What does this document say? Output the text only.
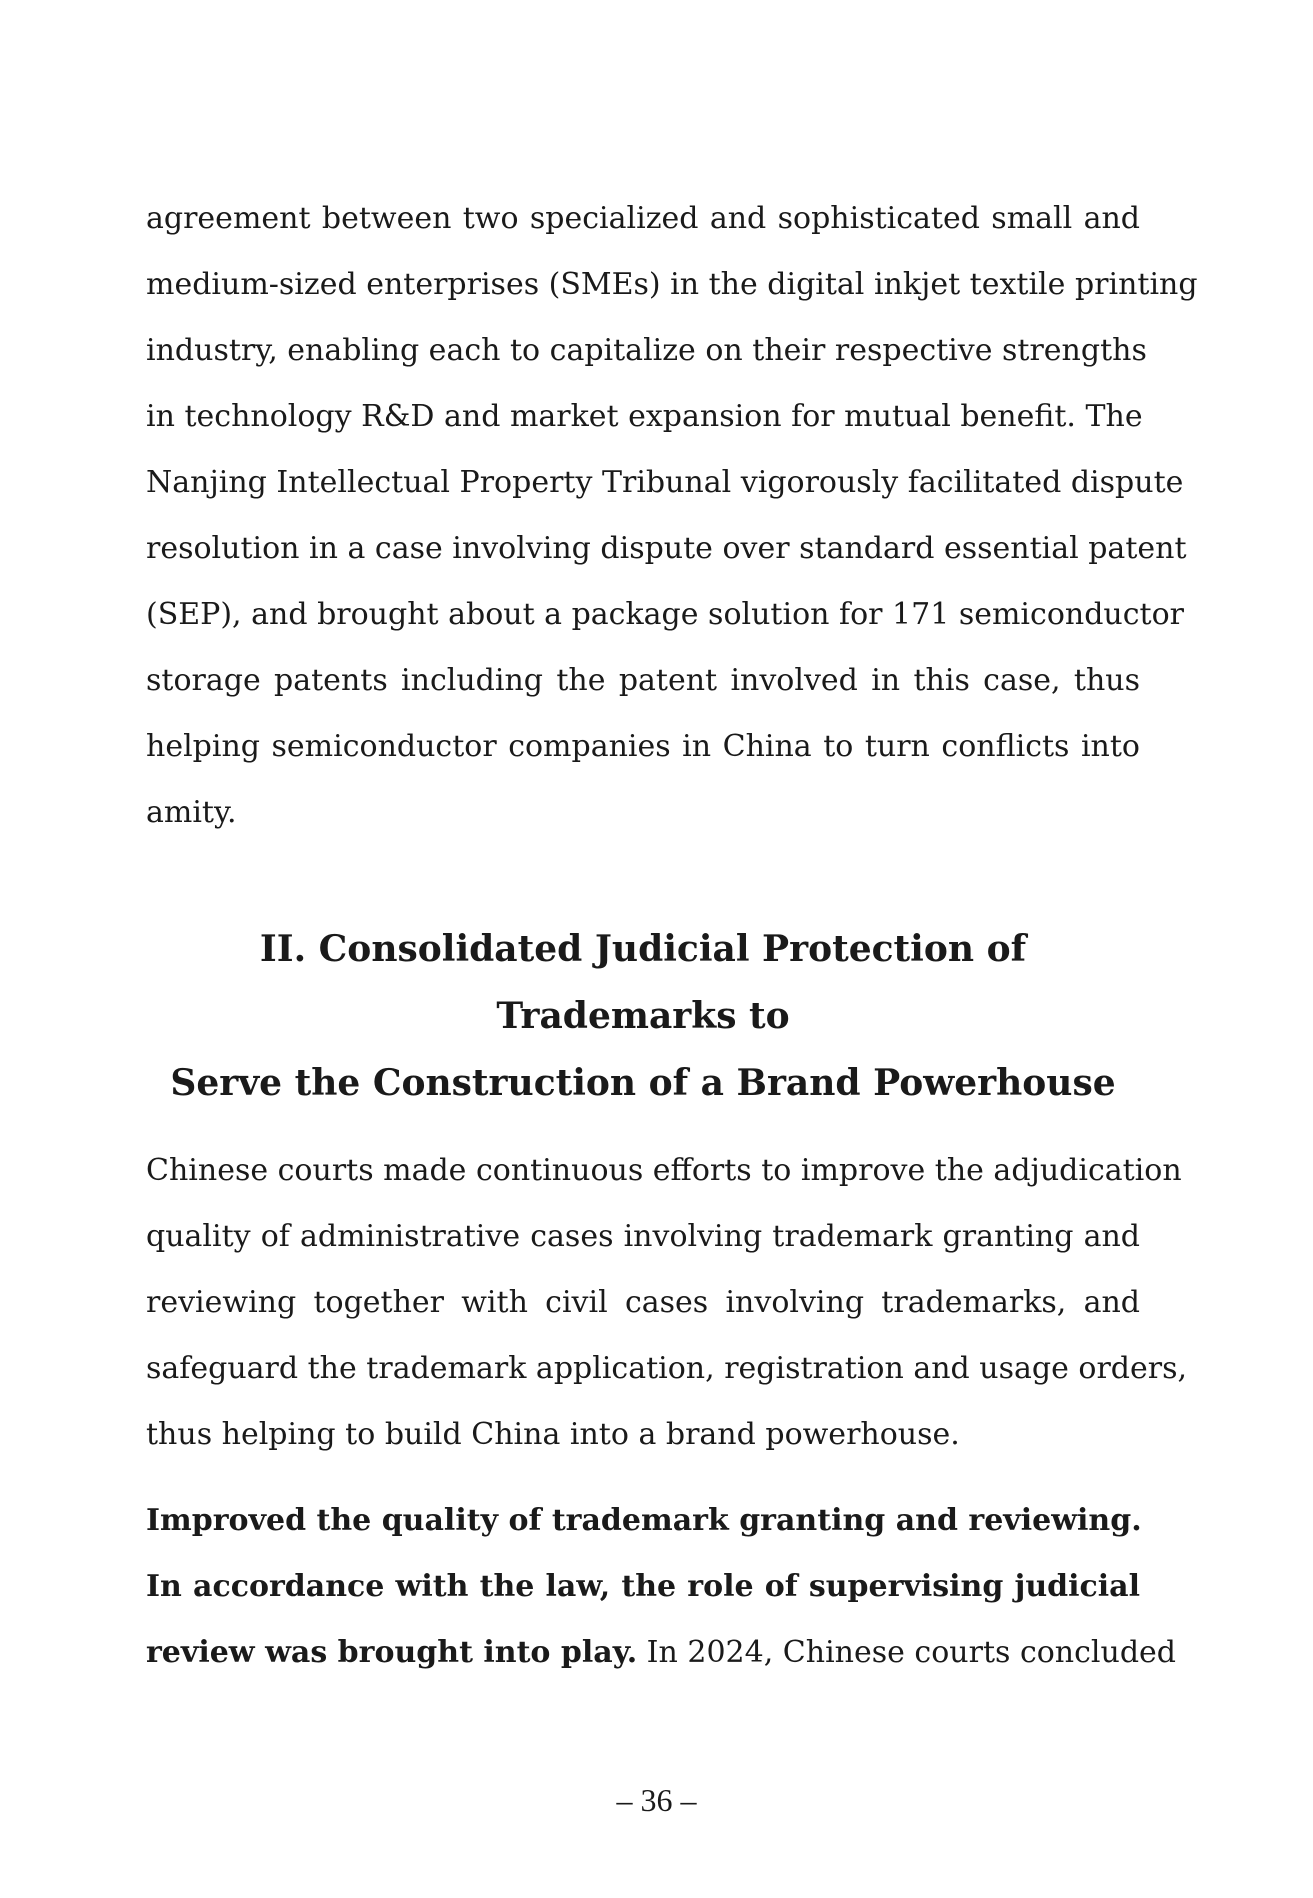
agreement between two specialized and sophisticated small and
medium-sized enterprises (SMEs) in the digital inkjet textile printing
industry, enabling each to capitalize on their respective strengths
in technology R&D and market expansion for mutual benefit. The
Nanjing Intellectual Property Tribunal vigorously facilitated dispute
resolution in a case involving dispute over standard essential patent
(SEP), and brought about a package solution for 171 semiconductor
storage patents including the patent involved in this case, thus
helping semiconductor companies in China to turn conflicts into
amity.
II. Consolidated Judicial Protection of Trademarks to
Serve the Construction of a Brand Powerhouse
Chinese courts made continuous efforts to improve the adjudication
quality of administrative cases involving trademark granting and
reviewing together with civil cases involving trademarks, and
safeguard the trademark application, registration and usage orders,
thus helping to build China into a brand powerhouse.
Improved the quality of trademark granting and reviewing.
In accordance with the law, the role of supervising judicial
review was brought into play. In 2024, Chinese courts concluded
– 36 –
